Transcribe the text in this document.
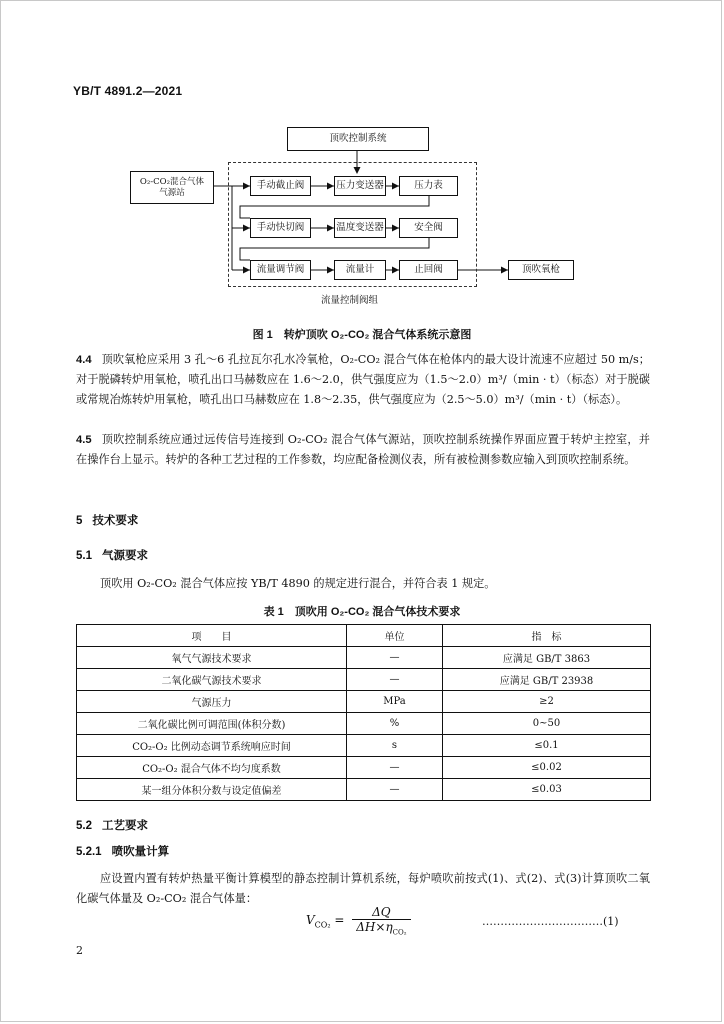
YB/T 4891.2—2021
顶吹控制系统
O₂-CO₂混合气体
气源站
手动截止阀	压力变送器	压力表
手动快切阀	温度变送器	安全阀
流量调节阀	流量计	止回阀	顶吹氧枪
流量控制阀组
图 1　转炉顶吹 O₂-CO₂ 混合气体系统示意图
4.4 顶吹氧枪应采用 3 孔～6 孔拉瓦尔孔水冷氧枪，O₂-CO₂ 混合气体在枪体内的最大设计流速不应超过 50 m/s；对于脱磷转炉用氧枪，喷孔出口马赫数应在 1.6～2.0，供气强度应为（1.5～2.0）m³/（min · t）（标态）对于脱碳或常规冶炼转炉用氧枪，喷孔出口马赫数应在 1.8～2.35，供气强度应为（2.5～5.0）m³/（min · t）（标态）。
4.5 顶吹控制系统应通过远传信号连接到 O₂-CO₂ 混合气体气源站，顶吹控制系统操作界面应置于转炉主控室，并在操作台上显示。转炉的各种工艺过程的工作参数，均应配备检测仪表，所有被检测参数应输入到顶吹控制系统。
5 技术要求
5.1 气源要求
顶吹用 O₂-CO₂ 混合气体应按 YB/T 4890 的规定进行混合，并符合表 1 规定。
表 1　顶吹用 O₂-CO₂ 混合气体技术要求
项　　目	单位	指　标
氧气气源技术要求	—	应满足 GB/T 3863
二氧化碳气源技术要求	—	应满足 GB/T 23938
气源压力	MPa	≥2
二氧化碳比例可调范围(体积分数)	%	0~50
CO₂-O₂ 比例动态调节系统响应时间	s	≤0.1
CO₂-O₂ 混合气体不均匀度系数	—	≤0.02
某一组分体积分数与设定值偏差	—	≤0.03
5.2 工艺要求
5.2.1 喷吹量计算
应设置内置有转炉热量平衡计算模型的静态控制计算机系统，每炉喷吹前按式(1)、式(2)、式(3)计算顶吹二氧化碳气体量及 O₂-CO₂ 混合气体量：
$V_{CO_2} = \frac{\Delta Q}{\Delta H\times\eta_{CO_2}}$	……………………………(1)
2
